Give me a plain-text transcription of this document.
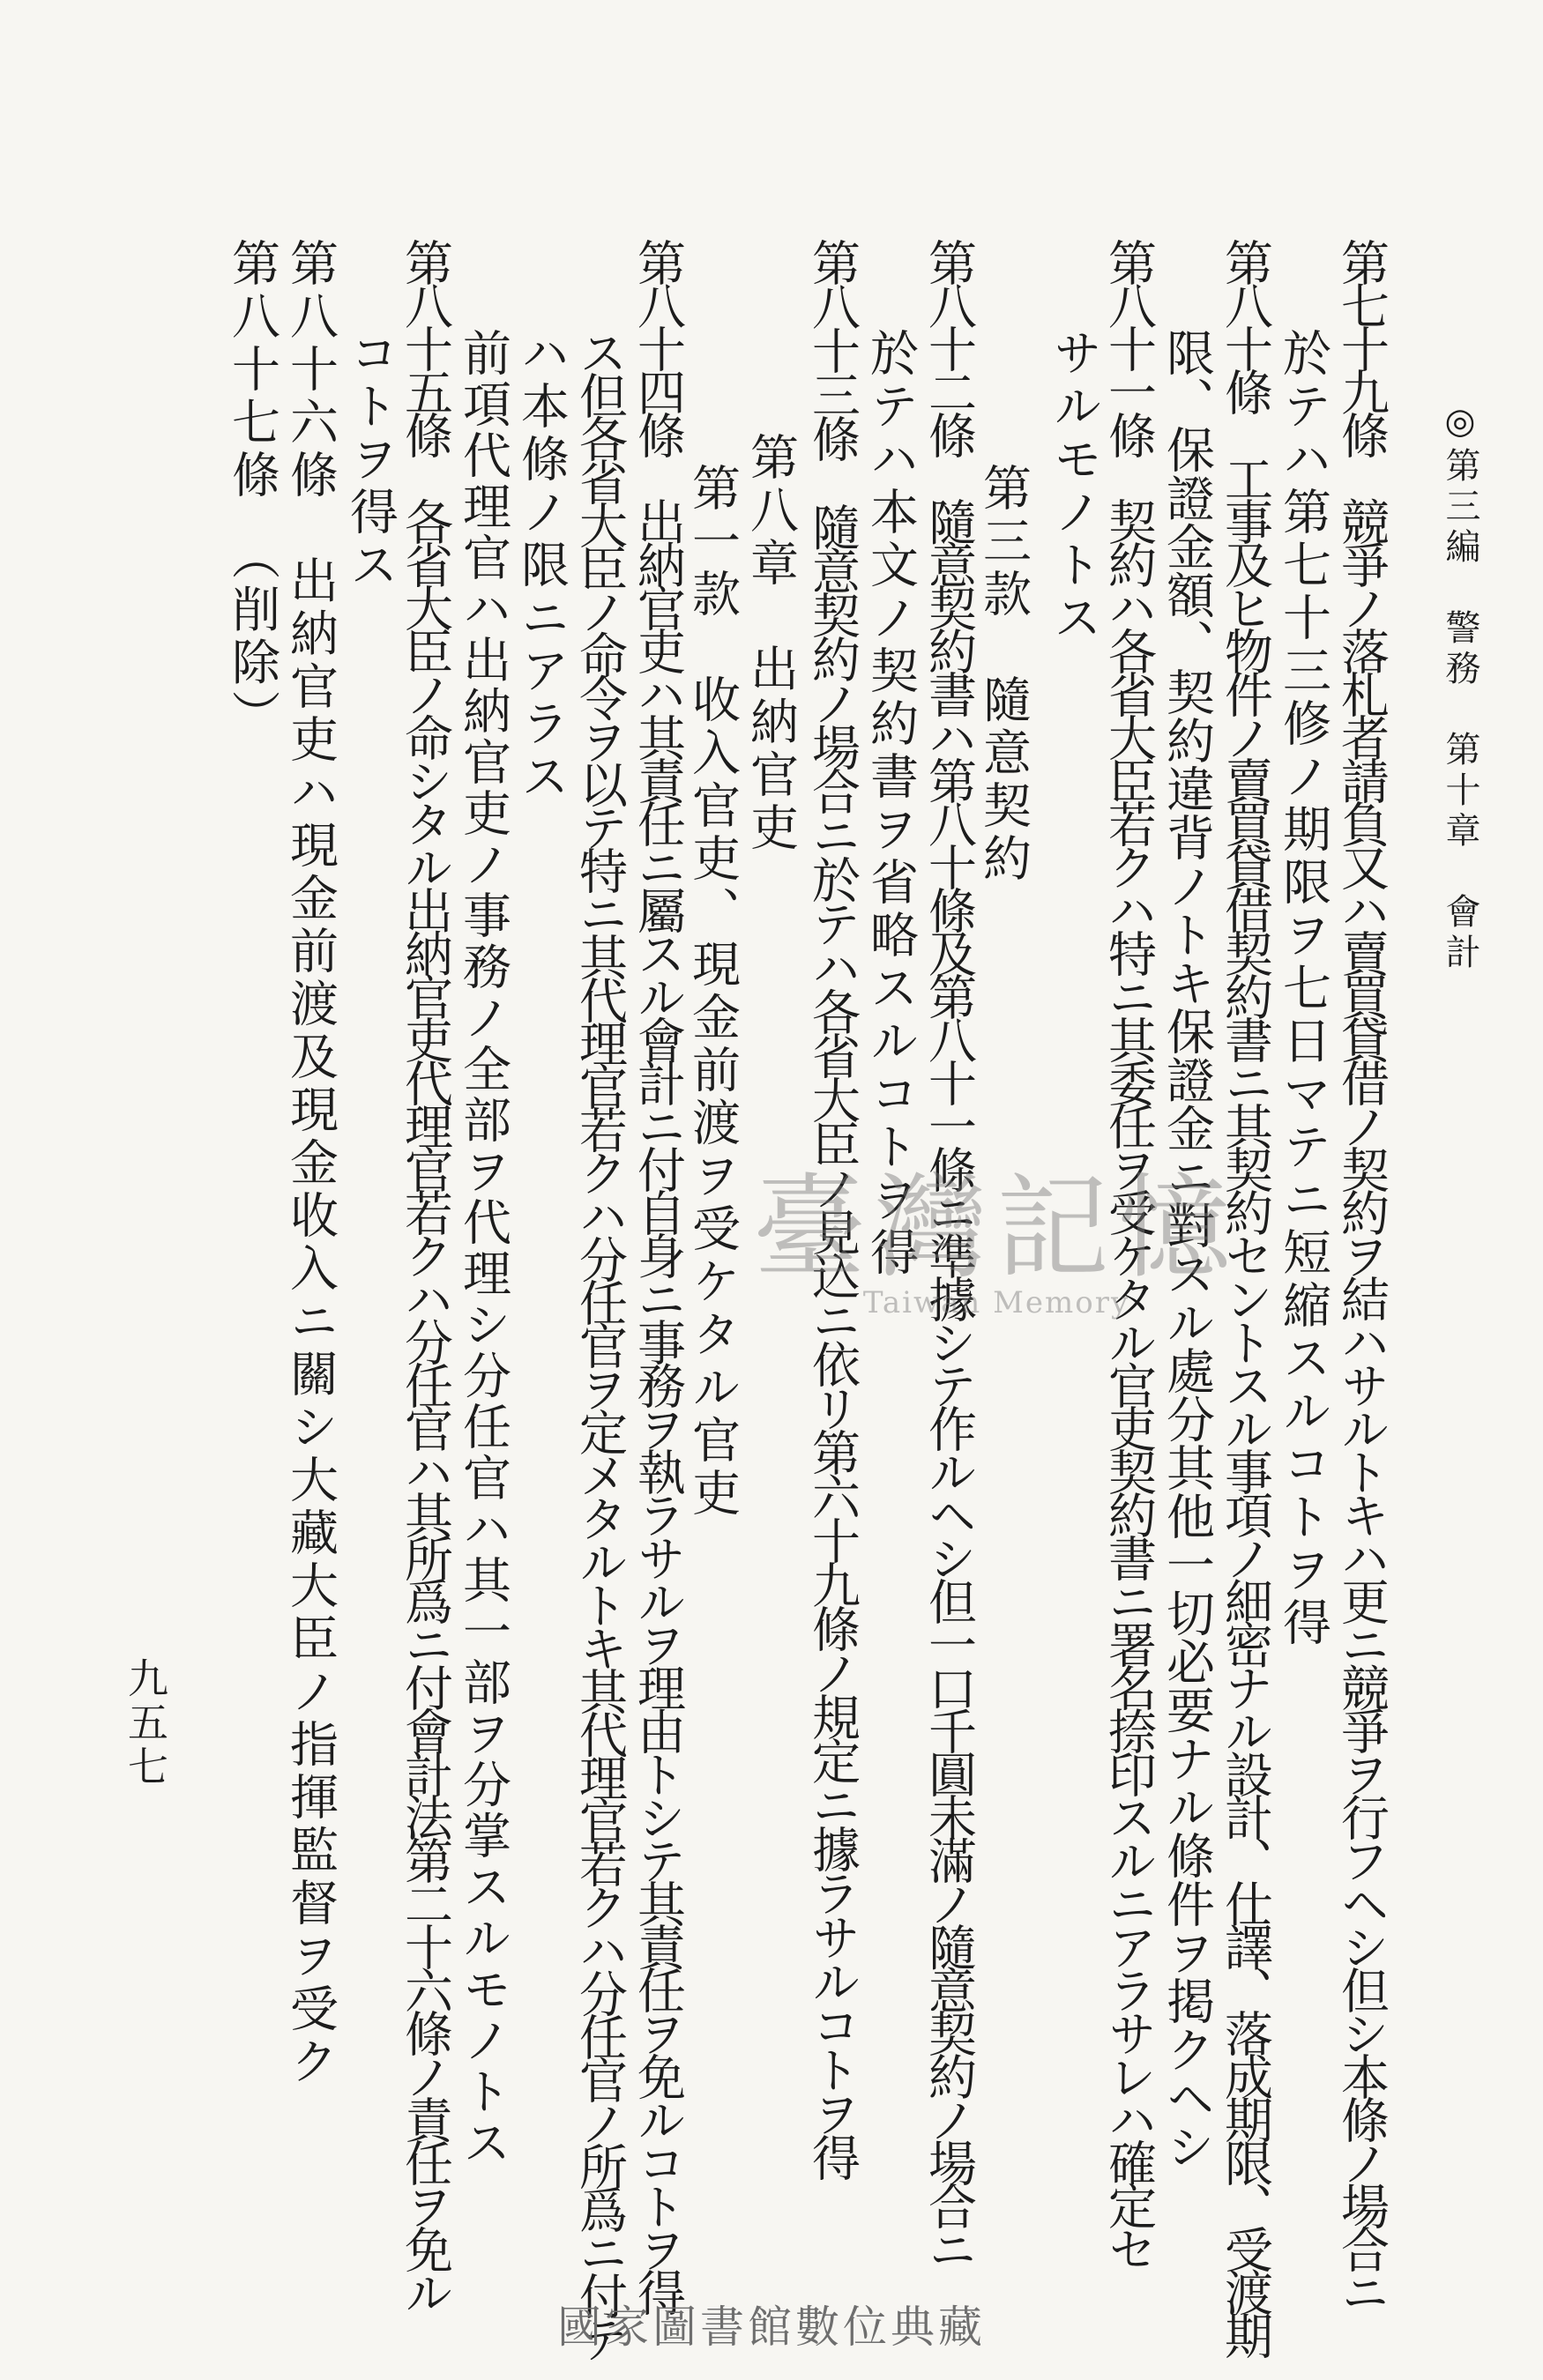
九五七	第七十九條　競爭ノ落札者請負又ハ賣買貸借ノ契約ヲ結ハサルトキハ更ニ競爭ヲ行フヘシ但シ本條ノ場合ニ
於テハ第七十三修ノ期限ヲ七日マテニ短縮スルコトヲ得
第八十條　工事及ヒ物件ノ賣買貸借契約書ニ其契約セントスル事項ノ細密ナル設計、仕譯、落成期限、受渡期
限、保證金額、契約違背ノトキ保證金ニ對スル處分其他一切必要ナル條件ヲ掲クヘシ
第八十一條　契約ハ各省大臣若クハ特ニ其委任ヲ受ケタル官吏契約書ニ署名捺印スルニアラサレハ確定セ
サルモノトス
第三款　隨意契約
第八十二條　隨意契約書ハ第八十條及第八十一條ニ準據シテ作ルヘシ但一口千圓未滿ノ隨意契約ノ場合ニ
於テハ本文ノ契約書ヲ省略スルコトヲ得
第八十三條　隨意契約ノ場合ニ於テハ各省大臣ノ見込ニ依リ第六十九條ノ規定ニ據ラサルコトヲ得
第八章　出納官吏
第一款　收入官吏、現金前渡ヲ受ケタル官吏
第八十四條　出納官吏ハ其責任ニ屬スル會計ニ付自身ニ事務ヲ執ラサルヲ理由トシテ其責任ヲ免ルコトヲ得
ス但各省大臣ノ命令ヲ以テ特ニ其代理官若クハ分任官ヲ定メタルトキ其代理官若クハ分任官ノ所爲ニ付テ
ハ本條ノ限ニアラス
前項代理官ハ出納官吏ノ事務ノ全部ヲ代理シ分任官ハ其一部ヲ分掌スルモノトス
第八十五條　各省大臣ノ命シタル出納官吏代理官若クハ分任官ハ其所爲ニ付會計法第二十六條ノ責任ヲ免ル
コトヲ得ス
第八十六條　出納官吏ハ現金前渡及現金收入ニ關シ大藏大臣ノ指揮監督ヲ受ク
第八十七條　（削除）	◎第三編　警務　第十章　會計
臺灣記憶
Taiwan Memory
國家圖書館數位典藏
